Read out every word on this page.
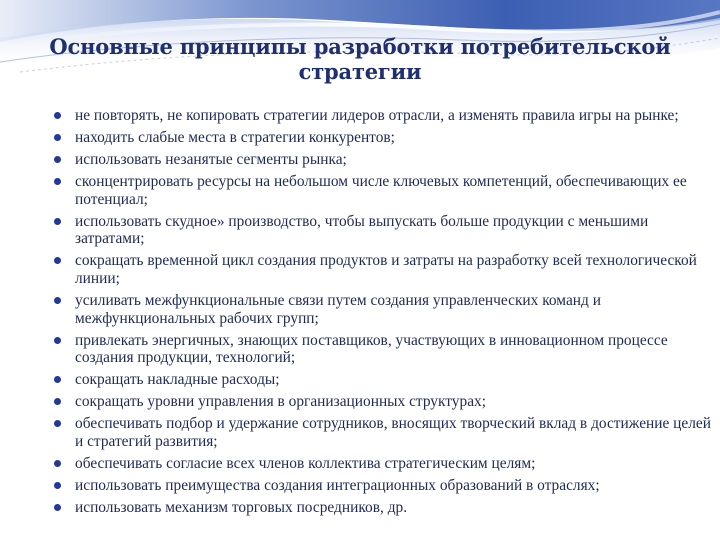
Основные принципы разработки потребительской
стратегии
не повторять, не копировать стратегии лидеров отрасли, а изменять правила игры на рынке;
находить слабые места в стратегии конкурентов;
использовать незанятые сегменты рынка;
сконцентрировать ресурсы на небольшом числе ключевых компетенций, обеспечивающих ее потенциал;
использовать скудное» производство, чтобы выпускать больше продукции с меньшими затратами;
сокращать временной цикл создания продуктов и затраты на разработку всей технологической линии;
усиливать межфункциональные связи путем создания управленческих команд и межфункциональных рабочих групп;
привлекать энергичных, знающих поставщиков, участвующих в инновационном процессе создания продукции, технологий;
сокращать накладные расходы;
сокращать уровни управления в организационных структурах;
обеспечивать подбор и удержание сотрудников, вносящих творческий вклад в достижение целей и стратегий развития;
обеспечивать согласие всех членов коллектива стратегическим целям;
использовать преимущества создания интеграционных образований в отраслях;
использовать механизм торговых посредников, др.
